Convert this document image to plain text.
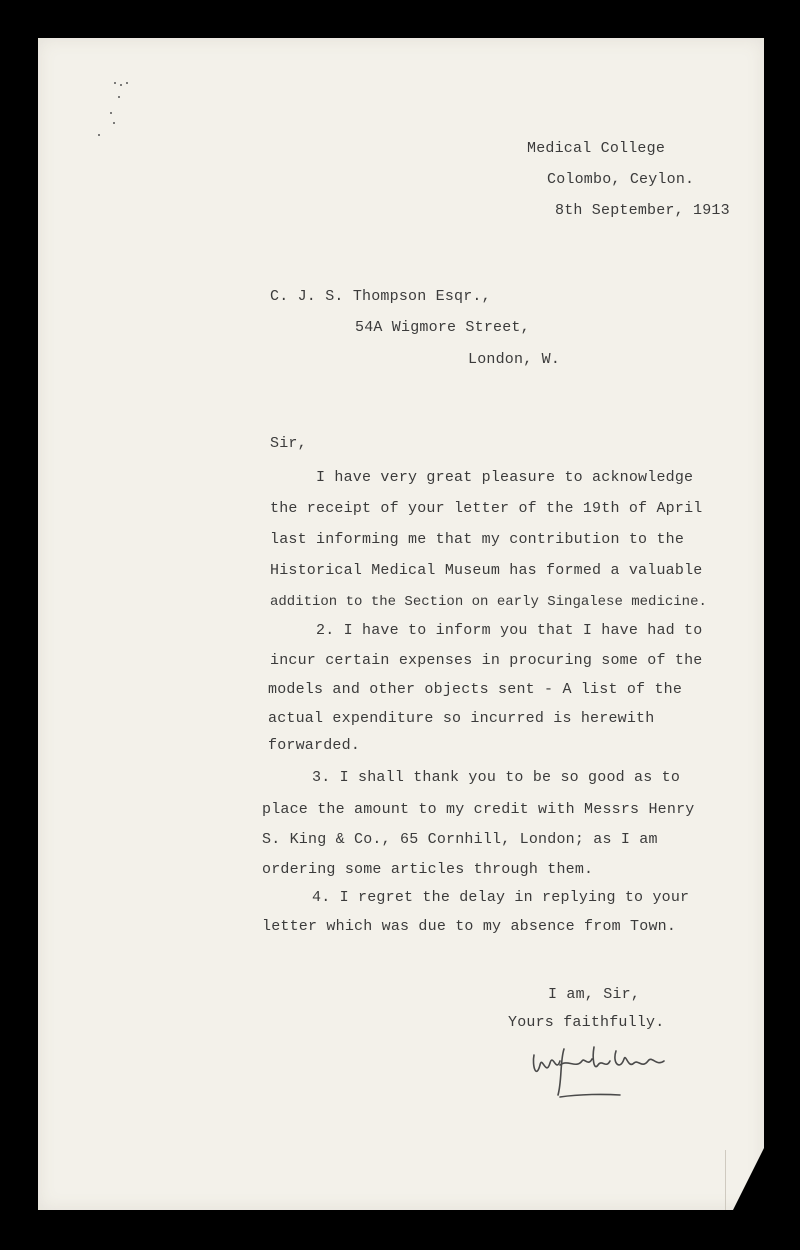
Medical College
Colombo, Ceylon.
8th September, 1913
C. J. S. Thompson Esqr.,
54A Wigmore Street,
London, W.
Sir,
I have very great pleasure to acknowledge
the receipt of your letter of the 19th of April
last informing me that my contribution to the
Historical Medical Museum has formed a valuable
addition to the Section on early Singalese medicine.
2. I have to inform you that I have had to
incur certain expenses in procuring some of the
models and other objects sent - A list of the
actual expenditure so incurred is herewith
forwarded.
3. I shall thank you to be so good as to
place the amount to my credit with Messrs Henry
S. King & Co., 65 Cornhill, London; as I am
ordering some articles through them.
4. I regret the delay in replying to your
letter which was due to my absence from Town.
I am, Sir,
Yours faithfully.
